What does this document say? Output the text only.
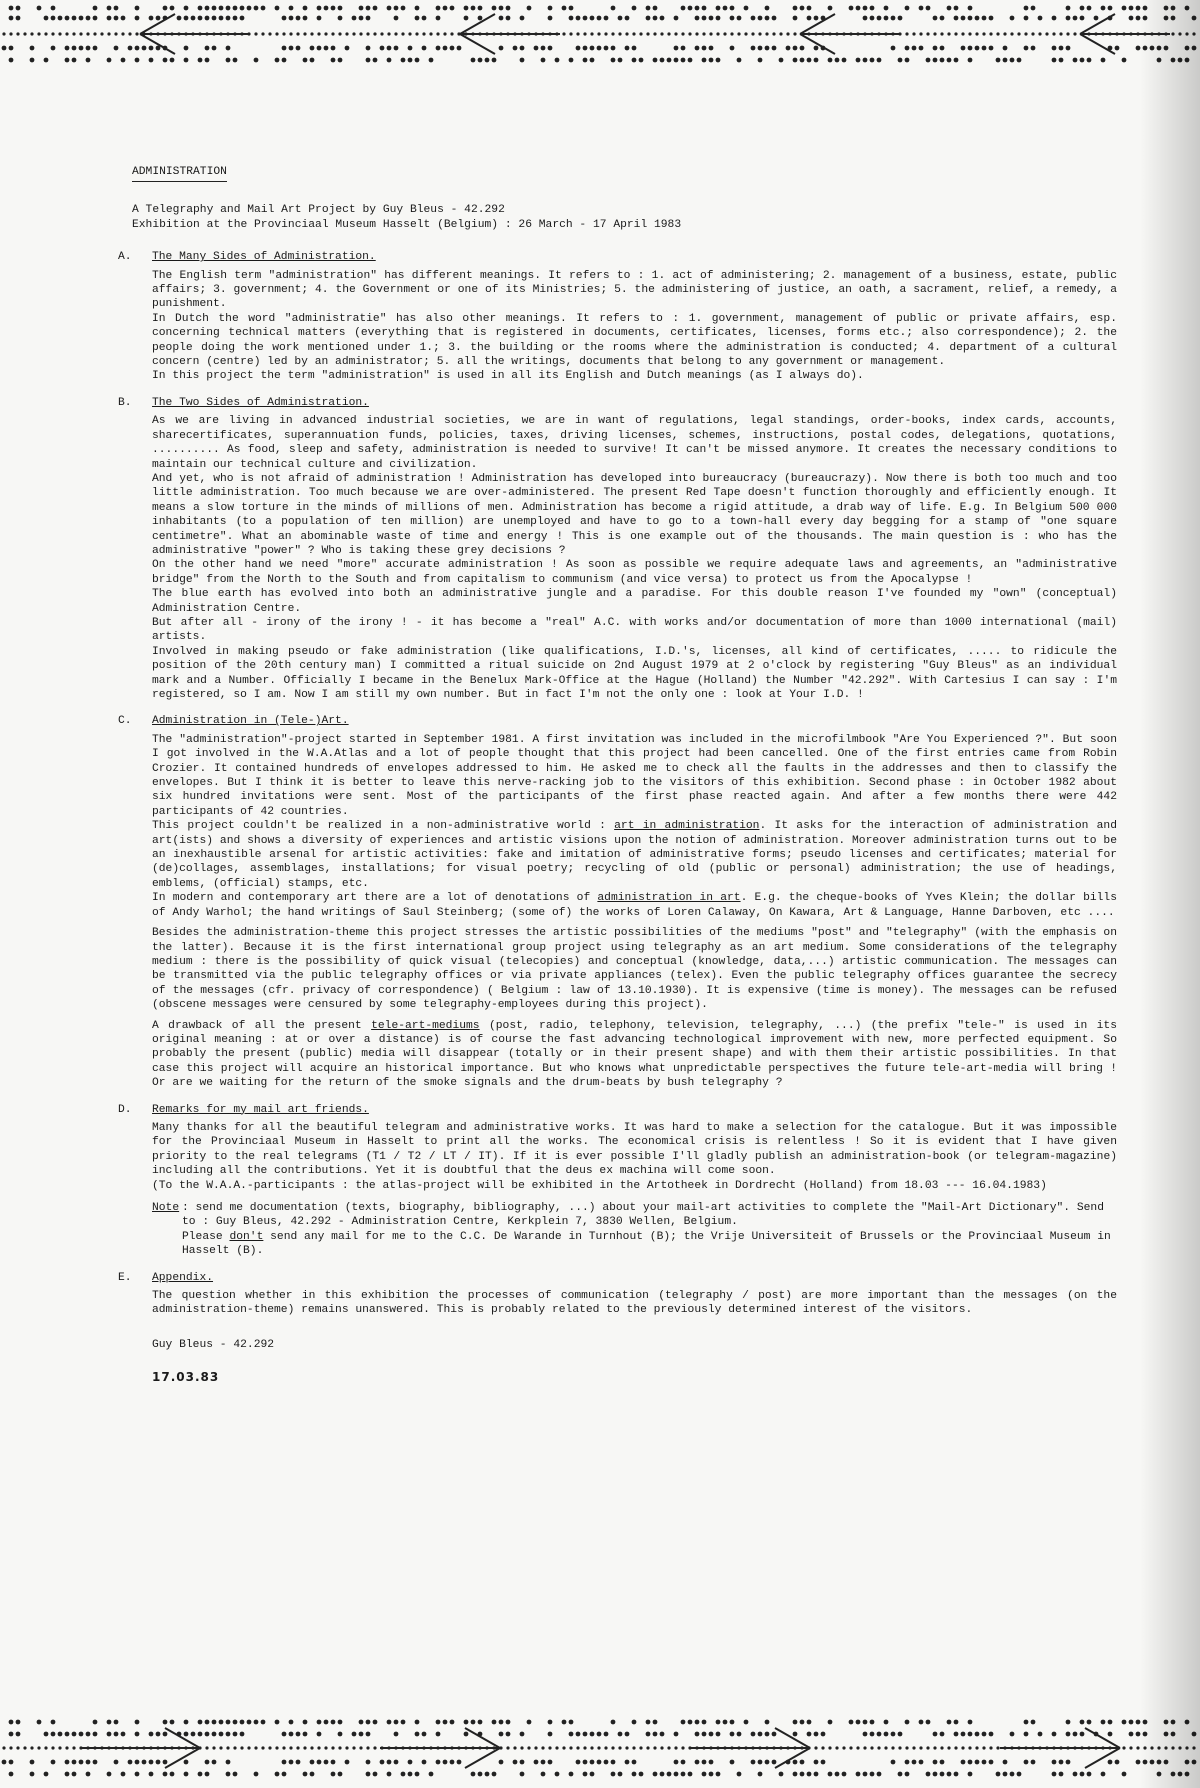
ADMINISTRATION

A Telegraphy and Mail Art Project by Guy Bleus - 42.292

Exhibition at the Provinciaal Museum Hasselt (Belgium) : 26 March - 17 April 1983

A. The Many Sides of Administration.

The English term "administration" has different meanings. It refers to : 1. act of administering; 2. management of a business, estate, public affairs; 3. government; 4. the Government or one of its Ministries; 5. the administering of justice, an oath, a sacrament, relief, a remedy, a punishment.

In Dutch the word "administratie" has also other meanings. It refers to : 1. government, management of public or private affairs, esp. concerning technical matters (everything that is registered in documents, certificates, licenses, forms etc.; also correspondence); 2. the people doing the work mentioned under 1.; 3. the building or the rooms where the administration is conducted; 4. department of a cultural concern (centre) led by an administrator; 5. all the writings, documents that belong to any government or management.

In this project the term "administration" is used in all its English and Dutch meanings (as I always do).

B. The Two Sides of Administration.

As we are living in advanced industrial societies, we are in want of regulations, legal standings, order-books, index cards, accounts, sharecertificates, superannuation funds, policies, taxes, driving licenses, schemes, instructions, postal codes, delegations, quotations, .......... As food, sleep and safety, administration is needed to survive! It can't be missed anymore. It creates the necessary conditions to maintain our technical culture and civilization.

And yet, who is not afraid of administration ! Administration has developed into bureaucracy (bureaucrazy). Now there is both too much and too little administration. Too much because we are over-administered. The present Red Tape doesn't function thoroughly and efficiently enough. It means a slow torture in the minds of millions of men. Administration has become a rigid attitude, a drab way of life. E.g. In Belgium 500 000 inhabitants (to a population of ten million) are unemployed and have to go to a town-hall every day begging for a stamp of "one square centimetre". What an abominable waste of time and energy ! This is one example out of the thousands. The main question is : who has the administrative "power" ? Who is taking these grey decisions ?

On the other hand we need "more" accurate administration ! As soon as possible we require adequate laws and agreements, an "administrative bridge" from the North to the South and from capitalism to communism (and vice versa) to protect us from the Apocalypse !

The blue earth has evolved into both an administrative jungle and a paradise. For this double reason I've founded my "own" (conceptual) Administration Centre.

But after all - irony of the irony ! - it has become a "real" A.C. with works and/or documentation of more than 1000 international (mail) artists.

Involved in making pseudo or fake administration (like qualifications, I.D.'s, licenses, all kind of certificates, ..... to ridicule the position of the 20th century man) I committed a ritual suicide on 2nd August 1979 at 2 o'clock by registering "Guy Bleus" as an individual mark and a Number. Officially I became in the Benelux Mark-Office at the Hague (Holland) the Number "42.292". With Cartesius I can say : I'm registered, so I am. Now I am still my own number. But in fact I'm not the only one : look at Your I.D. !

C. Administration in (Tele-)Art.

The "administration"-project started in September 1981. A first invitation was included in the microfilmbook "Are You Experienced ?". But soon I got involved in the W.A.Atlas and a lot of people thought that this project had been cancelled. One of the first entries came from Robin Crozier. It contained hundreds of envelopes addressed to him. He asked me to check all the faults in the addresses and then to classify the envelopes. But I think it is better to leave this nerve-racking job to the visitors of this exhibition. Second phase : in October 1982 about six hundred invitations were sent. Most of the participants of the first phase reacted again. And after a few months there were 442 participants of 42 countries.

This project couldn't be realized in a non-administrative world : art in administration. It asks for the interaction of administration and art(ists) and shows a diversity of experiences and artistic visions upon the notion of administration. Moreover administration turns out to be an inexhaustible arsenal for artistic activities: fake and imitation of administrative forms; pseudo licenses and certificates; material for (de)collages, assemblages, installations; for visual poetry; recycling of old (public or personal) administration; the use of headings, emblems, (official) stamps, etc.

In modern and contemporary art there are a lot of denotations of administration in art. E.g. the cheque-books of Yves Klein; the dollar bills of Andy Warhol; the hand writings of Saul Steinberg; (some of) the works of Loren Calaway, On Kawara, Art & Language, Hanne Darboven, etc ....

Besides the administration-theme this project stresses the artistic possibilities of the mediums "post" and "telegraphy" (with the emphasis on the latter). Because it is the first international group project using telegraphy as an art medium. Some considerations of the telegraphy medium : there is the possibility of quick visual (telecopies) and conceptual (knowledge, data,...) artistic communication. The messages can be transmitted via the public telegraphy offices or via private appliances (telex). Even the public telegraphy offices guarantee the secrecy of the messages (cfr. privacy of correspondence) ( Belgium : law of 13.10.1930). It is expensive (time is money). The messages can be refused (obscene messages were censured by some telegraphy-employees during this project).

A drawback of all the present tele-art-mediums (post, radio, telephony, television, telegraphy, ...) (the prefix "tele-" is used in its original meaning : at or over a distance) is of course the fast advancing technological improvement with new, more perfected equipment. So probably the present (public) media will disappear (totally or in their present shape) and with them their artistic possibilities. In that case this project will acquire an historical importance. But who knows what unpredictable perspectives the future tele-art-media will bring ! Or are we waiting for the return of the smoke signals and the drum-beats by bush telegraphy ?

D. Remarks for my mail art friends.

Many thanks for all the beautiful telegram and administrative works. It was hard to make a selection for the catalogue. But it was impossible for the Provinciaal Museum in Hasselt to print all the works. The economical crisis is relentless ! So it is evident that I have given priority to the real telegrams (T1 / T2 / LT / IT). If it is ever possible I'll gladly publish an administration-book (or telegram-magazine) including all the contributions. Yet it is doubtful that the deus ex machina will come soon.

(To the W.A.A.-participants : the atlas-project will be exhibited in the Artotheek in Dordrecht (Holland) from 18.03 --- 16.04.1983)

Note : send me documentation (texts, biography, bibliography, ...) about your mail-art activities to complete the "Mail-Art Dictionary". Send to : Guy Bleus, 42.292 - Administration Centre, Kerkplein 7, 3830 Wellen, Belgium.

Please don't send any mail for me to the C.C. De Warande in Turnhout (B); the Vrije Universiteit of Brussels or the Provinciaal Museum in Hasselt (B).

E. Appendix.

The question whether in this exhibition the processes of communication (telegraphy / post) are more important than the messages (on the administration-theme) remains unanswered. This is probably related to the previously determined interest of the visitors.

Guy Bleus - 42.292

17.03.83
